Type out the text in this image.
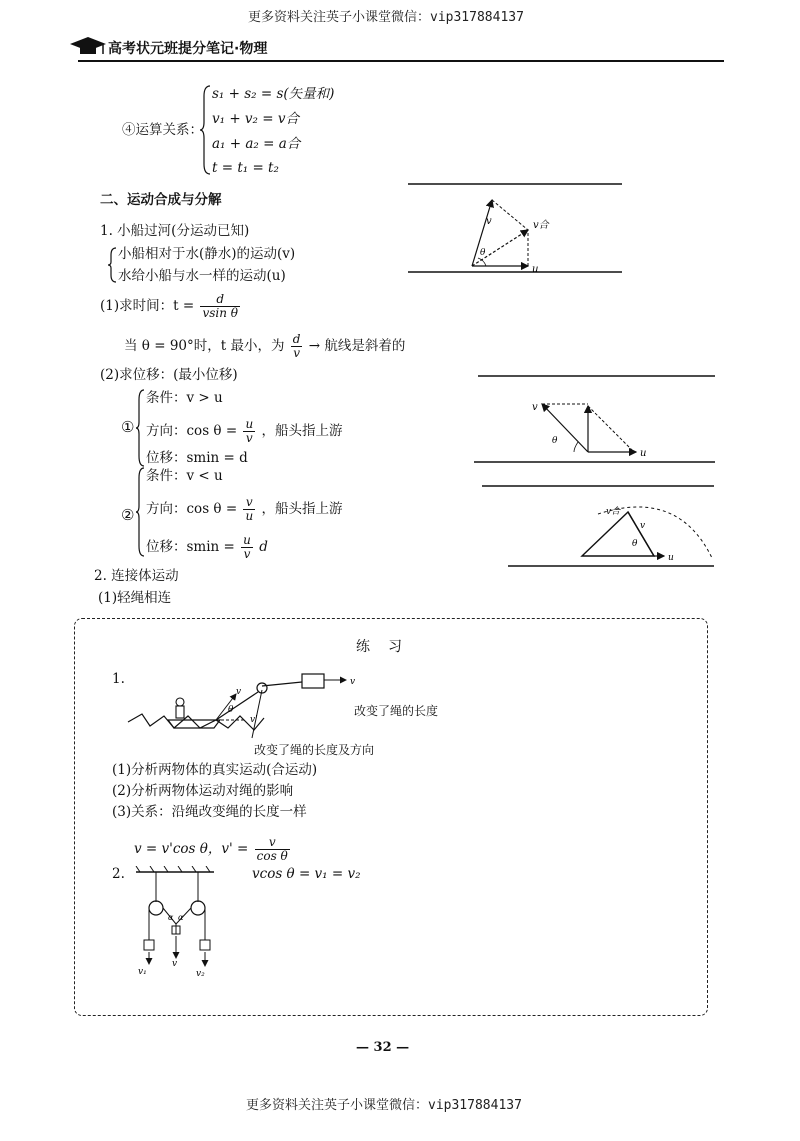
更多资料关注英子小课堂微信：vip317884137
高考状元班提分笔记·物理
④运算关系：
s₁ + s₂ = s(矢量和)
v₁ + v₂ = v合
a₁ + a₂ = a合
t = t₁ = t₂
二、运动合成与分解
1. 小船过河(分运动已知)
小船相对于水(静水)的运动(v)
水给小船与水一样的运动(u)
(1)求时间：$t = \frac{d}{\text{vsin θ}}$
当 θ = 90°时，t 最小，为 $\frac{d}{v}$ → 航线是斜着的
(2)求位移：(最小位移)
①
条件：v > u
方向：$\cos \theta = \frac{u}{v}$ ，船头指上游
位移：smin = d
②
条件：v < u
方向：$\cos \theta = \frac{v}{u}$ ，船头指上游
位移：$smin = \frac{u}{v}$ d
2. 连接体运动
(1)轻绳相连
v	v合
u
θ
v
u
θ
v合
θ
u
v
练　习
1.
θ
v
v'
v
改变了绳的长度
改变了绳的长度及方向
(1)分析两物体的真实运动(合运动)
(2)分析两物体运动对绳的影响
(3)关系：沿绳改变绳的长度一样
v = v'cos θ，$v' = \frac{v}{\text{cos θ}}$
2.	vcos θ = v₁ = v₂
α α
v₁
v
v₂
— 32 —
更多资料关注英子小课堂微信：vip317884137
